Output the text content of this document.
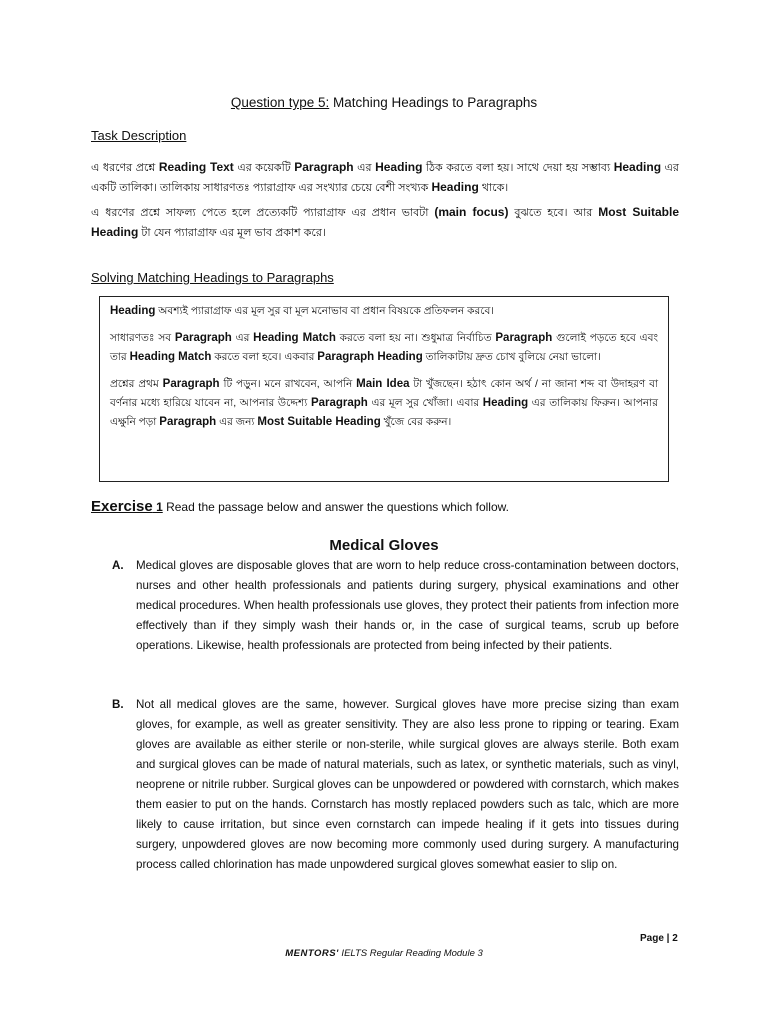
Question type 5: Matching Headings to Paragraphs
Task Description
এ ধরণের প্রশ্নে Reading Text এর কয়েকটি Paragraph এর Heading ঠিক করতে বলা হয়। সাথে দেয়া হয় সম্ভাব্য Heading এর একটি তালিকা। তালিকায় সাধারণতঃ প্যারাগ্রাফ এর সংখ্যার চেয়ে বেশী সংখ্যক Heading থাকে।
এ ধরণের প্রশ্নে সাফল্য পেতে হলে প্রত্যেকটি প্যারাগ্রাফ এর প্রধান ভাবটা (main focus) বুঝতে হবে। আর Most Suitable Heading টা যেন প্যারাগ্রাফ এর মূল ভাব প্রকাশ করে।
Solving Matching Headings to Paragraphs

Heading অবশ্যই প্যারাগ্রাফ এর মূল সুর বা মূল মনোভাব বা প্রধান বিষয়কে প্রতিফলন করবে।

সাধারণতঃ সব Paragraph এর Heading Match করতে বলা হয় না। শুধুমাত্র নির্বাচিত Paragraph গুলোই পড়তে হবে এবং তার Heading Match করতে বলা হবে। একবার Paragraph Heading তালিকাটায় দ্রুত চোখ বুলিয়ে নেয়া ভালো।

প্রশ্নের প্রথম Paragraph টি পড়ুন। মনে রাখবেন, আপনি Main Idea টা খুঁজছেন। হঠাৎ কোন অর্থ / না জানা শব্দ বা উদাহরণ বা বর্ণনার মধ্যে হারিয়ে যাবেন না, আপনার উদ্দেশ্য Paragraph এর মূল সুর খোঁজা। এবার Heading এর তালিকায় ফিরুন। আপনার এক্ষুনি পড়া Paragraph এর জন্য Most Suitable Heading খুঁজে বের করুন।

Exercise 1 Read the passage below and answer the questions which follow.
Medical Gloves
A. Medical gloves are disposable gloves that are worn to help reduce cross-contamination between doctors, nurses and other health professionals and patients during surgery, physical examinations and other medical procedures. When health professionals use gloves, they protect their patients from infection more effectively than if they simply wash their hands or, in the case of surgical teams, scrub up before operations. Likewise, health professionals are protected from being infected by their patients.
B. Not all medical gloves are the same, however. Surgical gloves have more precise sizing than exam gloves, for example, as well as greater sensitivity. They are also less prone to ripping or tearing. Exam gloves are available as either sterile or non-sterile, while surgical gloves are always sterile. Both exam and surgical gloves can be made of natural materials, such as latex, or synthetic materials, such as vinyl, neoprene or nitrile rubber. Surgical gloves can be unpowdered or powdered with cornstarch, which makes them easier to put on the hands. Cornstarch has mostly replaced powders such as talc, which are more likely to cause irritation, but since even cornstarch can impede healing if it gets into tissues during surgery, unpowdered gloves are now becoming more commonly used during surgery. A manufacturing process called chlorination has made unpowdered surgical gloves somewhat easier to slip on.
Page | 2
MENTORS' IELTS Regular Reading Module 3
